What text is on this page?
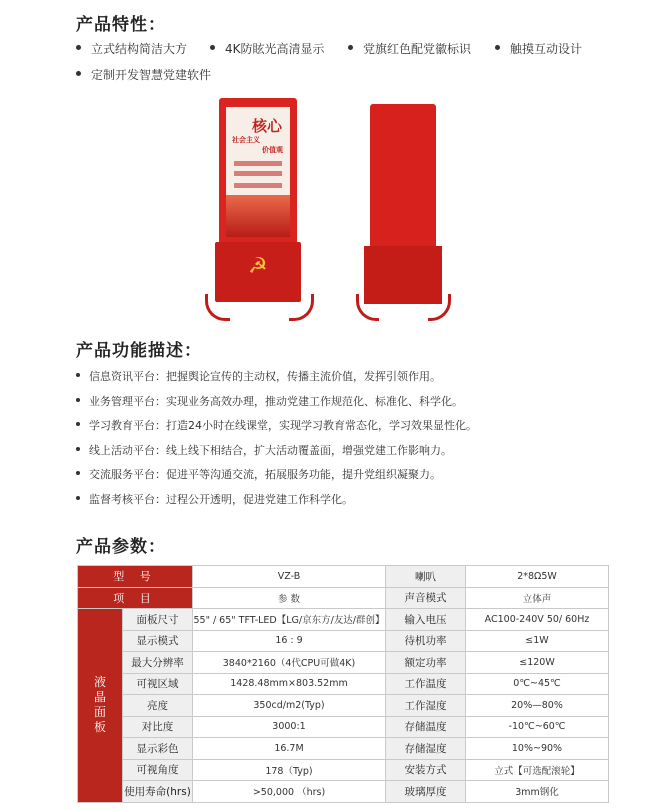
产品特性：
立式结构简洁大方	4K防眩光高清显示	党旗红色配党徽标识	触摸互动设计
定制开发智慧党建软件
核心
社会主义
价值观
☭
产品功能描述：
信息资讯平台：把握舆论宣传的主动权，传播主流价值，发挥引领作用。
业务管理平台：实现业务高效办理，推动党建工作规范化、标准化、科学化。
学习教育平台：打造24小时在线课堂，实现学习教育常态化，学习效果显性化。
线上活动平台：线上线下相结合，扩大活动覆盖面，增强党建工作影响力。
交流服务平台：促进平等沟通交流，拓展服务功能，提升党组织凝聚力。
监督考核平台：过程公开透明，促进党建工作科学化。
产品参数：
型 号		VZ-B	喇叭	2*8Ω5W
项 目		参 数	声音模式	立体声

液
晶
面
板	面板尺寸	55" / 65" TFT-LED【LG/京东方/友达/群创】	输入电压	AC100-240V 50/ 60Hz
	显示模式	16 : 9	待机功率	≤1W
	最大分辨率	3840*2160（4代CPU可做4K)	额定功率	≤120W
	可视区域	1428.48mm×803.52mm	工作温度	0℃~45℃
	亮度	350cd/m2(Typ)	工作湿度	20%—80%
	对比度	3000:1	存储温度	-10℃~60℃
	显示彩色	16.7M	存储湿度	10%~90%
	可视角度	178（Typ)	安装方式	立式【可选配滚轮】
	使用寿命(hrs)	>50,000 （hrs)	玻璃厚度	3mm钢化
